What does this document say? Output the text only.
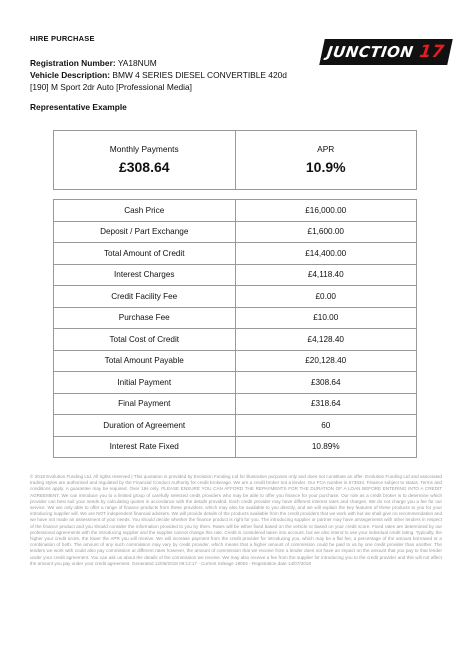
HIRE PURCHASE
JUNCTION 17
Registration Number: YA18NUM
Vehicle Description: BMW 4 SERIES DIESEL CONVERTIBLE 420d
[190] M Sport 2dr Auto [Professional Media]
Representative Example
Monthly Payments
£308.64

APR
10.9%
Cash Price	£16,000.00
Deposit / Part Exchange	£1,600.00
Total Amount of Credit	£14,400.00
Interest Charges	£4,118.40
Credit Facility Fee	£0.00
Purchase Fee	£10.00
Total Cost of Credit	£4,128.40
Total Amount Payable	£20,128.40
Initial Payment	£308.64
Final Payment	£318.64
Duration of Agreement	60
Interest Rate Fixed	10.89%
© 2018 Evolution Funding Ltd. All rights reserved | This quotation is provided by Evolution Funding Ltd for illustration purposes only and does not constitute an offer. Evolution Funding Ltd and associated trading styles are authorised and regulated by the Financial Conduct Authority for credit brokerage. We are a credit broker not a lender. Our FCA number is 673834. Finance subject to status. Terms and conditions apply. A guarantee may be required. Over 18s only. PLEASE ENSURE YOU CAN AFFORD THE REPAYMENTS FOR THE DURATION OF A LOAN BEFORE ENTERING INTO A CREDIT AGREEMENT. We can introduce you to a limited group of carefully selected credit providers who may be able to offer you finance for your purchase. Our role as a credit broker is to determine which provider can best suit your needs by calculating quotes in accordance with the details provided. Each credit provider may have different interest rates and charges. We do not charge you a fee for our service. We are only able to offer a range of finance products from these providers, which may also be available to you directly, and we will explain the key features of these products to you for your introducing supplier will. We are NOT independent financial advisers. We will provide details of the products available from the credit providers that we work with but we shall give no recommendation and we have not made an assessment of your needs. You should decide whether the finance product is right for you. The introducing supplier or partner may have arrangements with other lenders in respect of the finance product and you should consider the information provided to you by them. Rates will be either fixed based on the vehicle or based on your credit score. Fixed rates are determined by our professional agreements with the introducing supplier and the supplier cannot change this rate. Credit is considered taken into account, but we also intend to use your individual credit rating. Typically, the higher your credit score, the lower the APR you will receive. We will increase payment from the credit provider for introducing you, which may be a flat fee, a percentage of the amount borrowed or a combination of both. The amount of any such commission may vary by credit provider, which means that a higher amount of commission could be paid to us by one credit provider than another. The lenders we work with could also pay commission at different rates however, the amount of commission that we receive from a lender does not have an impact on the amount that you pay to that lender under your credit agreement. You can ask us about the details of the commission we receive. We may also receive a fee from the supplier for introducing you to the credit provider and this will not affect the amount you pay under your credit agreement. Generated 12/06/2018 09:12:17 - Current mileage 18004 - Registration date 14/07/2018
